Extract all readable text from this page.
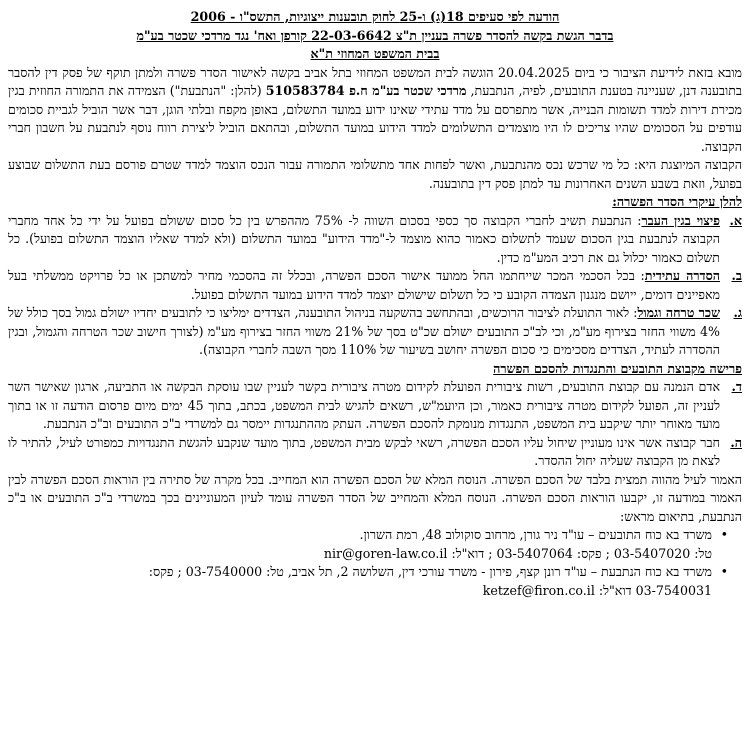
הודעה לפי סעיפים 18(ג) ו-25 לחוק תובענות ייצוגיות, התשס"ו - 2006
בדבר הגשת בקשה להסדר פשרה בעניין ת"צ 22-03-6642 קורפן ואח' נגד מרדכי שכטר בע"מ
בבית המשפט המחוזי ת"א

מובא בזאת לידיעת הציבור כי ביום 20.04.2025 הוגשה לבית המשפט המחוזי בתל אביב בקשה לאישור הסדר פשרה ולמתן תוקף של פסק דין להסבר בתובענה דנן, שעניינה בטענת התובעים, לפיה, הנתבעת, מרדכי שכטר בע"מ ח.פ 510583784 (להלן: "הנתבעת") הצמידה את התמורה החוזית בגין מכירת דירות למדד תשומות הבנייה, אשר מתפרסם על מדד עתידי שאינו ידוע במועד התשלום, באופן מקפח ובלתי הוגן, דבר אשר הוביל לגביית סכומים עודפים על הסכומים שהיו צריכים לו היו מוצמדים התשלומים למדד הידוע במועד התשלום, ובהתאם הוביל ליצירת רווח נוסף לנתבעת על חשבון חברי הקבוצה.

הקבוצה המיוצגת היא: כל מי שרכש נכס מהנתבעת, ואשר לפחות אחד מתשלומי התמורה עבור הנכס הוצמד למדד שטרם פורסם בעת התשלום שבוצע בפועל, וזאת בשבע השנים האחרונות עד למתן פסק דין בתובענה.

להלן עיקרי הסדר הפשרה:
א.
פיצוי בגין העבר: הנתבעת תשיב לחברי הקבוצה סך כספי בסכום השווה ל- 75% מההפרש בין כל סכום ששולם בפועל על ידי כל אחד מחברי הקבוצה לנתבעת בגין הסכום שעמד לתשלום כאמור כהוא מוצמד ל-"מדד הידוע" במועד התשלום (ולא למדד שאליו הוצמד התשלום בפועל). כל תשלום כאמור יכלול גם את רכיב המע"מ כדין.
ב.
הסדרה עתידית: בכל הסכמי המכר שייחתמו החל ממועד אישור הסכם הפשרה, ובכלל זה בהסכמי מחיר למשתכן או כל פרויקט ממשלתי בעל מאפיינים דומים, ייושם מנגנון הצמדה הקובע כי כל תשלום שישולם יוצמד למדד הידוע במועד התשלום בפועל.
ג.
שכר טרחה וגמול: לאור התועלת לציבור הרוכשים, ובהתחשב בהשקעה בניהול התובענה, הצדדים ימליצו כי לתובעים יחדיו ישולם גמול בסך כולל של 4% משווי החזר בצירוף מע"מ, וכי לב"כ התובעים ישולם שכ"ט בסך של 21% משווי החזר בצירוף מע"מ (לצורך חישוב שכר הטרחה והגמול, ובגין ההסדרה לעתיד, הצדדים מסכימים כי סכום הפשרה יחושב בשיעור של 110% מסך השבה לחברי הקבוצה).
פרישה מקבוצת התובעים והתנגדות להסכם הפשרה
ד.
אדם הנמנה עם קבוצת התובעים, רשות ציבורית הפועלת לקידום מטרה ציבורית בקשר לעניין שבו עוסקת הבקשה או התביעה, ארגון שאישר השר לעניין זה, הפועל לקידום מטרה ציבורית כאמור, וכן היועמ"ש, רשאים להגיש לבית המשפט, בכתב, בתוך 45 ימים מיום פרסום הודעה זו או בתוך מועד מאוחר יותר שיקבע בית המשפט, התנגדות מנומקת להסכם הפשרה. העתק מההתנגדות יימסר גם למשרדי ב"כ התובעים וב"כ הנתבעת.
ה.
חבר קבוצה אשר אינו מעוניין שיחול עליו הסכם הפשרה, רשאי לבקש מבית המשפט, בתוך מועד שנקבע להגשת התנגדויות כמפורט לעיל, להתיר לו לצאת מן הקבוצה שעליה יחול ההסדר.

האמור לעיל מהווה תמצית בלבד של הסכם הפשרה. הנוסח המלא של הסכם הפשרה הוא המחייב. בכל מקרה של סתירה בין הוראות הסכם הפשרה לבין האמור במודעה זו, יקבעו הוראות הסכם הפשרה. הנוסח המלא והמחייב של הסדר הפשרה עומד לעיון המעוניינים בכך במשרדי ב"כ התובעים או ב"כ הנתבעת, בתיאום מראש:

• משרד בא כוח התובעים – עו"ד ניר גורן, מרחוב סוקולוב 48, רמת השרון.
טל: 03-5407020 ; פקס: 03-5407064 ; דוא"ל: nir@goren-law.co.il
• משרד בא כוח הנתבעת – עו"ד רונן קצף, פירון - משרד עורכי דין, השלושה 2, תל אביב, טל: 03-7540000 ; פקס:
03-7540031 דוא"ל: ketzef@firon.co.il
